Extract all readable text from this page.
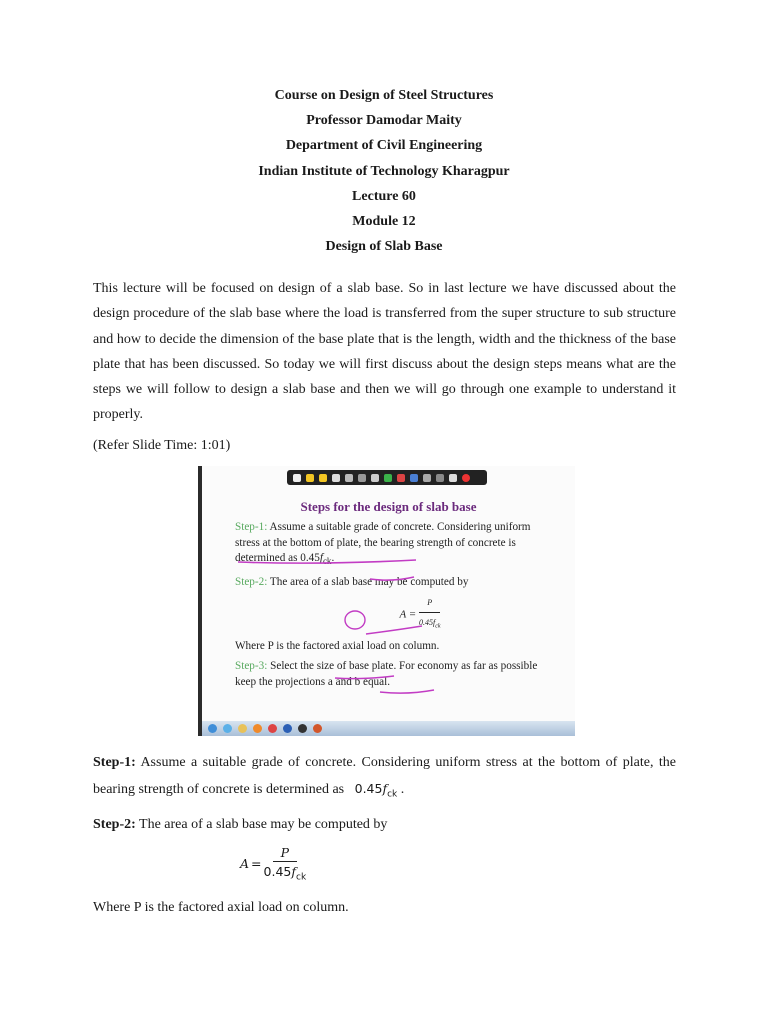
Course on Design of Steel Structures
Professor Damodar Maity
Department of Civil Engineering
Indian Institute of Technology Kharagpur
Lecture 60
Module 12
Design of Slab Base

This lecture will be focused on design of a slab base. So in last lecture we have discussed about the design procedure of the slab base where the load is transferred from the super structure to sub structure and how to decide the dimension of the base plate that is the length, width and the thickness of the base plate that has been discussed. So today we will first discuss about the design steps means what are the steps we will follow to design a slab base and then we will go through one example to understand it properly.

(Refer Slide Time: 1:01)

Steps for the design of slab base

Step-1: Assume a suitable grade of concrete. Considering uniform stress at the bottom of plate, the bearing strength of concrete is determined as $0.45f_{ck}$.

Step-2: The area of a slab base may be computed by

$A = \frac{P}{0.45f_{ck}}$

Where P is the factored axial load on column.

Step-3: Select the size of base plate. For economy as far as possible keep the projections a and b equal.

Step-1: Assume a suitable grade of concrete. Considering uniform stress at the bottom of plate, the bearing strength of concrete is determined as   $0.45f_{ck}$ .

Step-2: The area of a slab base may be computed by

$A = \frac{P}{0.45f_{ck}}$

Where P is the factored axial load on column.
